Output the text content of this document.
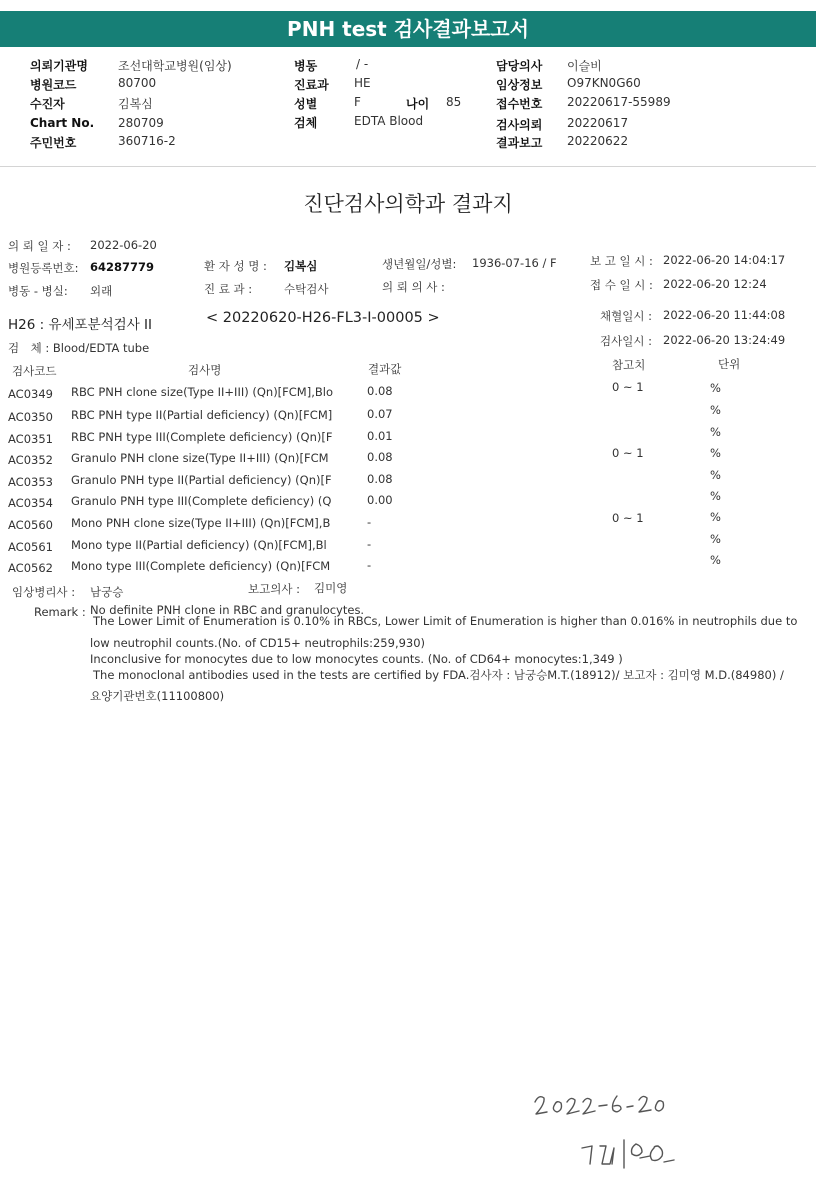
PNH test 검사결과보고서
의뢰기관명	조선대학교병원(임상)
병원코드	80700
수진자	김복심
Chart No. 280709
주민번호	360716-2
병동	/ -
진료과 HE
성별	F	나이 85
검체	EDTA Blood
담당의사 이슬비
임상정보 O97KN0G60
접수번호 20220617-55989
검사의뢰 20220617
결과보고 20220622
진단검사의학과 결과지
의 뢰 일 자 : 2022-06-20
병원등록번호: 64287779	환 자 성 명 : 김복심	생년월일/성별: 1936-07-16 / F	보 고 일 시 : 2022-06-20 14:04:17
병동 - 병실: 외래	진 료 과 :	수탁검사	의 뢰 의 사 :	접 수 일 시 : 2022-06-20 12:24
H26 : 유세포분석검사 II	< 20220620-H26-FL3-I-00005 >	채혈일시 : 2022-06-20 11:44:08
검　체 : Blood/EDTA tube	검사일시 : 2022-06-20 13:24:49
검사코드	검사명	결과값	참고치	단위
AC0349 RBC PNH clone size(Type II+III) (Qn)[FCM],Blo	0.08	0 ~ 1	%
AC0350 RBC PNH type II(Partial deficiency) (Qn)[FCM]	0.07	%
AC0351 RBC PNH type III(Complete deficiency) (Qn)[F	0.01	%
AC0352 Granulo PNH clone size(Type II+III) (Qn)[FCM	0.08	0 ~ 1	%
AC0353 Granulo PNH type II(Partial deficiency) (Qn)[F	0.08	%
AC0354 Granulo PNH type III(Complete deficiency) (Q	0.00	%
AC0560 Mono PNH clone size(Type II+III) (Qn)[FCM],B	-	0 ~ 1	%
AC0561 Mono type II(Partial deficiency) (Qn)[FCM],Bl	-	%
AC0562 Mono type III(Complete deficiency) (Qn)[FCM	-	%
임상병리사 : 남궁승	보고의사 : 김미영
Remark : No definite PNH clone in RBC and granulocytes.
The Lower Limit of Enumeration is 0.10% in RBCs, Lower Limit of Enumeration is higher than 0.016% in neutrophils due to
low neutrophil counts.(No. of CD15+ neutrophils:259,930)
Inconclusive for monocytes due to low monocytes counts. (No. of CD64+ monocytes:1,349 )
The monoclonal antibodies used in the tests are certified by FDA.검사자 : 남궁승M.T.(18912)/ 보고자 : 김미영 M.D.(84980) /
요양기관번호(11100800)
